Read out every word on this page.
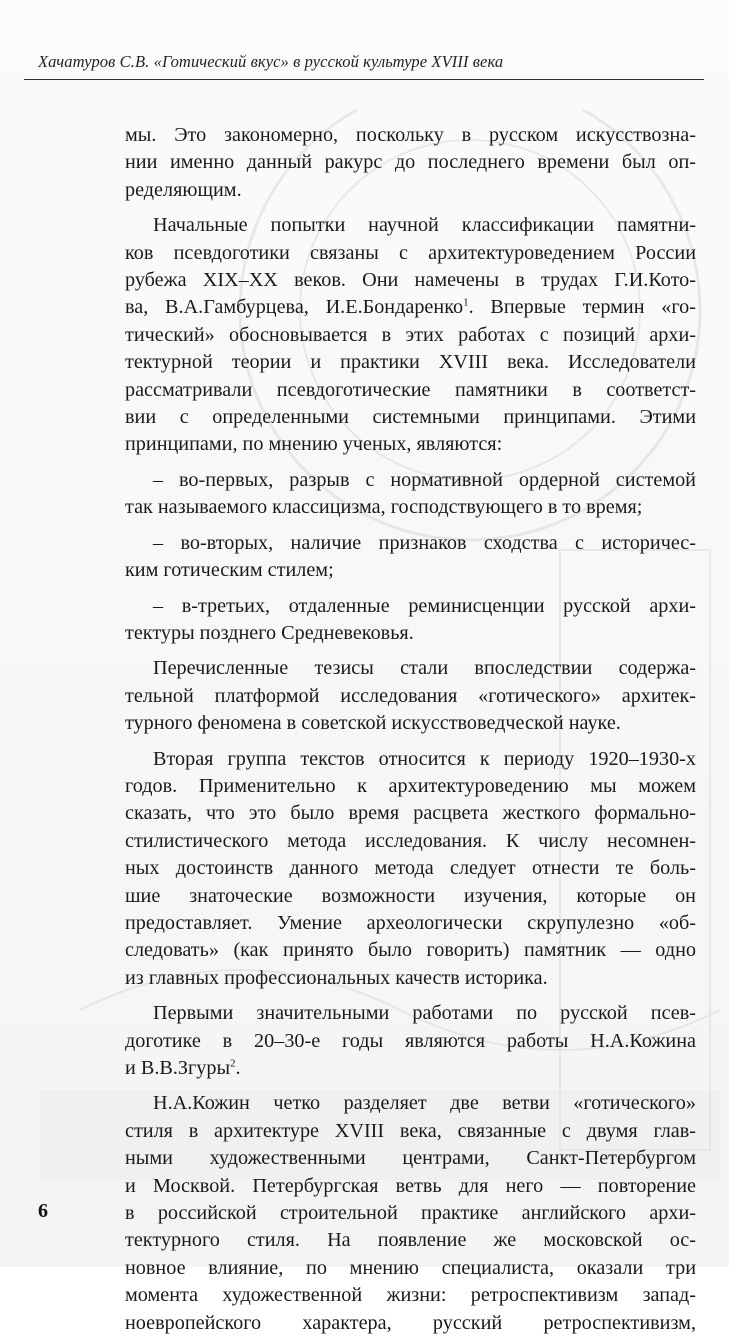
Хачатуров С.В. «Готический вкус» в русской культуре XVIII века

мы. Это закономерно, поскольку в русском искусствозна-
нии именно данный ракурс до последнего времени был оп-
ределяющим.

Начальные попытки научной классификации памятни-
ков псевдоготики связаны с архитектуроведением России
рубежа XIX–XX веков. Они намечены в трудах Г.И.Кото-
ва, В.А.Гамбурцева, И.Е.Бондаренко$^1$. Впервые термин «го-
тический» обосновывается в этих работах с позиций архи-
тектурной теории и практики XVIII века. Исследователи
рассматривали псевдоготические памятники в соответст-
вии с определенными системными принципами. Этими
принципами, по мнению ученых, являются:

– во-первых, разрыв с нормативной ордерной системой
так называемого классицизма, господствующего в то время;

– во-вторых, наличие признаков сходства с историчес-
ким готическим стилем;

– в-третьих, отдаленные реминисценции русской архи-
тектуры позднего Средневековья.

Перечисленные тезисы стали впоследствии содержа-
тельной платформой исследования «готического» архитек-
турного феномена в советской искусствоведческой науке.

Вторая группа текстов относится к периоду 1920–1930-х
годов. Применительно к архитектуроведению мы можем
сказать, что это было время расцвета жесткого формально-
стилистического метода исследования. К числу несомнен-
ных достоинств данного метода следует отнести те боль-
шие знаточеские возможности изучения, которые он
предоставляет. Умение археологически скрупулезно «об-
следовать» (как принято было говорить) памятник — одно
из главных профессиональных качеств историка.

Первыми значительными работами по русской псев-
доготике в 20–30-е годы являются работы Н.А.Кожина
и В.В.Згуры$^2$.

Н.А.Кожин четко разделяет две ветви «готического»
стиля в архитектуре XVIII века, связанные с двумя глав-
ными художественными центрами, Санкт-Петербургом
и Москвой. Петербургская ветвь для него — повторение
в российской строительной практике английского архи-
тектурного стиля. На появление же московской ос-
новное влияние, по мнению специалиста, оказали три
момента художественной жизни: ретроспективизм запад-
ноевропейского характера, русский ретроспективизм,

6
